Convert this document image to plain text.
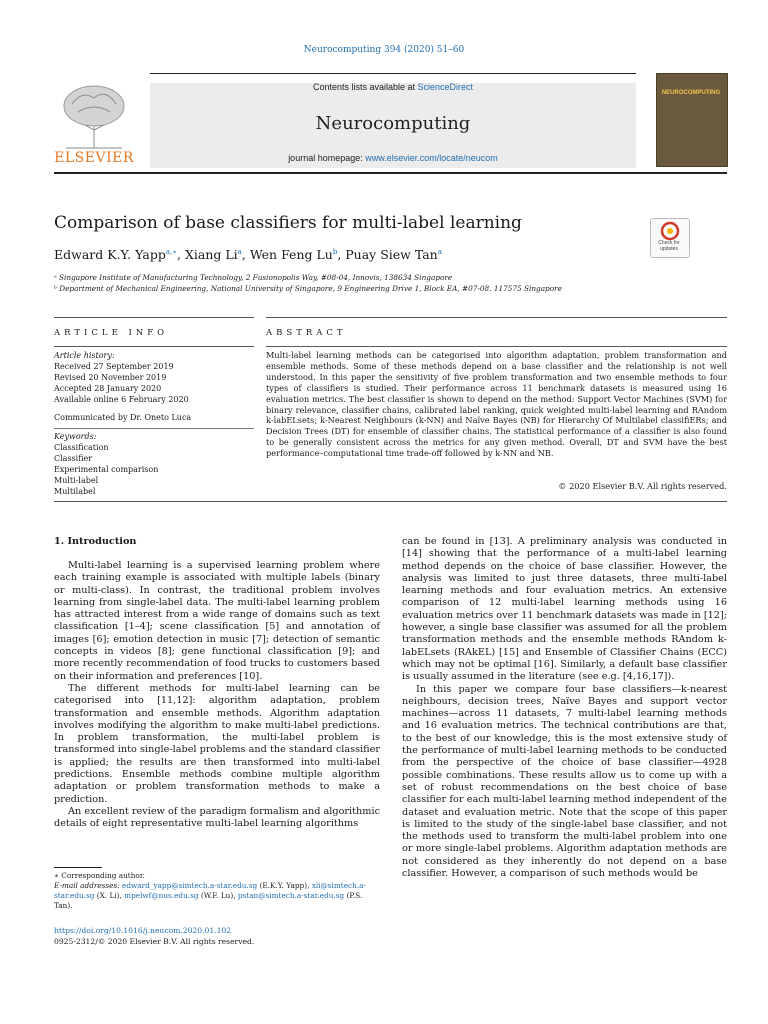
Neurocomputing 394 (2020) 51–60
ELSEVIER
Contents lists available at ScienceDirect
Neurocomputing
journal homepage: www.elsevier.com/locate/neucom
NEUROCOMPUTING
Comparison of base classifiers for multi-label learning
Check for updates
Edward K.Y. Yapp$^{a,∗}$, Xiang Li$^a$, Wen Feng Lu$^b$, Puay Siew Tan$^a$
ᵃ Singapore Institute of Manufacturing Technology, 2 Fusionopolis Way, #08-04, Innovis, 138634 Singapore
ᵇ Department of Mechanical Engineering, National University of Singapore, 9 Engineering Drive 1, Block EA, #07-08, 117575 Singapore
ARTICLE INFO	ABSTRACT
Article history:
Received 27 September 2019
Revised 20 November 2019
Accepted 28 January 2020
Available online 6 February 2020
Communicated by Dr. Oneto Luca
Keywords:
Classification
Classifier
Experimental comparison
Multi-label
Multilabel
Multi-label learning methods can be categorised into algorithm adaptation, problem transformation and ensemble methods. Some of these methods depend on a base classifier and the relationship is not well understood. In this paper the sensitivity of five problem transformation and two ensemble methods to four types of classifiers is studied. Their performance across 11 benchmark datasets is measured using 16 evaluation metrics. The best classifier is shown to depend on the method: Support Vector Machines (SVM) for binary relevance, classifier chains, calibrated label ranking, quick weighted multi-label learning and RAndom k-labELsets; k-Nearest Neighbours (k-NN) and Naïve Bayes (NB) for Hierarchy Of Multilabel classifiERs; and Decision Trees (DT) for ensemble of classifier chains. The statistical performance of a classifier is also found to be generally consistent across the metrics for any given method. Overall, DT and SVM have the best performance–computational time trade-off followed by k-NN and NB.
© 2020 Elsevier B.V. All rights reserved.
1. Introduction

Multi-label learning is a supervised learning problem where each training example is associated with multiple labels (binary or multi-class). In contrast, the traditional problem involves learning from single-label data. The multi-label learning problem has attracted interest from a wide range of domains such as text classification [1–4]; scene classification [5] and annotation of images [6]; emotion detection in music [7]; detection of semantic concepts in videos [8]; gene functional classification [9]; and more recently recommendation of food trucks to customers based on their information and preferences [10].

The different methods for multi-label learning can be categorised into [11,12]: algorithm adaptation, problem transformation and ensemble methods. Algorithm adaptation involves modifying the algorithm to make multi-label predictions. In problem transformation, the multi-label problem is transformed into single-label problems and the standard classifier is applied; the results are then transformed into multi-label predictions. Ensemble methods combine multiple algorithm adaptation or problem transformation methods to make a prediction.

An excellent review of the paradigm formalism and algorithmic details of eight representative multi-label learning algorithms

can be found in [13]. A preliminary analysis was conducted in [14] showing that the performance of a multi-label learning method depends on the choice of base classifier. However, the analysis was limited to just three datasets, three multi-label learning methods and four evaluation metrics. An extensive comparison of 12 multi-label learning methods using 16 evaluation metrics over 11 benchmark datasets was made in [12]; however, a single base classifier was assumed for all the problem transformation methods and the ensemble methods RAndom k-labELsets (RAkEL) [15] and Ensemble of Classifier Chains (ECC) which may not be optimal [16]. Similarly, a default base classifier is usually assumed in the literature (see e.g. [4,16,17]).

In this paper we compare four base classifiers—k-nearest neighbours, decision trees, Naïve Bayes and support vector machines—across 11 datasets, 7 multi-label learning methods and 16 evaluation metrics. The technical contributions are that, to the best of our knowledge, this is the most extensive study of the performance of multi-label learning methods to be conducted from the perspective of the choice of base classifier—4928 possible combinations. These results allow us to come up with a set of robust recommendations on the best choice of base classifier for each multi-label learning method independent of the dataset and evaluation metric. Note that the scope of this paper is limited to the study of the single-label base classifier, and not the methods used to transform the multi-label problem into one or more single-label problems. Algorithm adaptation methods are not considered as they inherently do not depend on a base classifier. However, a comparison of such methods would be

∗ Corresponding author.
E-mail addresses: edward_yapp@simtech.a-star.edu.sg (E.K.Y. Yapp), xli@simtech.a-star.edu.sg (X. Li), mpelwf@nus.edu.sg (W.F. Lu), pstan@simtech.a-star.edu.sg (P.S. Tan).
https://doi.org/10.1016/j.neucom.2020.01.102
0925-2312/© 2020 Elsevier B.V. All rights reserved.
